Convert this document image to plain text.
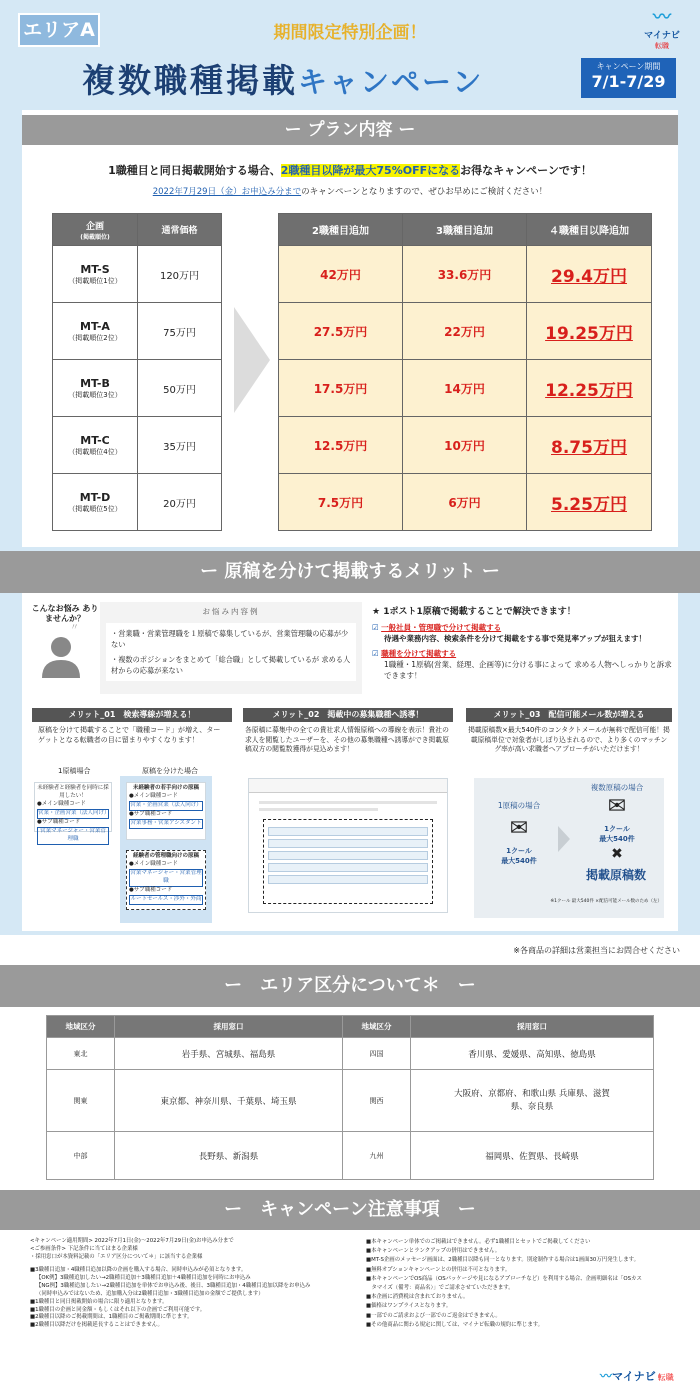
エリアA	期間限定特別企画！
〰
マイナビ
転職
複数職種掲載キャンペーン	キャンペーン期間
7/1-7/29
ー プラン内容 ー
1職種目と同日掲載開始する場合、2職種目以降が最大75%OFFになるお得なキャンペーンです！
2022年7月29日（金）お申込み分までのキャンペーンとなりますので、ぜひお早めにご検討ください！
企画
(掲載順位)	通常価格

MT-S
（掲載順位1位）	120万円

MT-A
（掲載順位2位）	75万円

MT-B
（掲載順位3位）	50万円

MT-C
（掲載順位4位）	35万円

MT-D
（掲載順位5位）	20万円
2職種目追加	3職種目追加	４職種目以降追加
42万円	33.6万円	29.4万円
27.5万円	22万円	19.25万円
17.5万円	14万円	12.25万円
12.5万円	10万円	8.75万円
7.5万円	6万円	5.25万円
ー 原稿を分けて掲載するメリット ー
こんなお悩み ありませんか？
〃
お悩み内容例
・営業職・営業管理職を１原稿で募集しているが、営業管理職の応募が少ない
・複数のポジションをまとめて「総合職」として掲載しているが 求める人材からの応募が来ない
★ 1ポスト1原稿で掲載することで解決できます！
☑ 一般社員・管理職で分けて掲載する
待遇や業務内容、検索条件を分けて掲載をする事で発見率アップが狙えます！
☑ 職種を分けて掲載する
1職種・1原稿(営業、経理、企画等)に分ける事によって 求める人物へしっかりと訴求できます！
メリット_01　検索導線が増える！
原稿を分けて掲載することで「職種コード」が増え、ターゲットとなる転職者の目に留まりやすくなります！
1原稿場合
未経験者と経験者を同時に採用したい！
●メイン職種コード
営業・企画営業（法人向け）
●サブ職種コード
営業マネージャー・営業管理職
原稿を分けた場合
未経験者の若手向けの原稿
●メイン職種コード
営業・企画営業（法人向け）
●サブ職種コード
営業事務・営業アシスタント
経験者の管理職向けの原稿
●メイン職種コード
営業マネージャー・営業管理職
●サブ職種コード
ルートセールス・渉外・外商
メリット_02　掲載中の募集職種へ誘導！
各原稿に募集中の全ての貴社求人情報原稿への導線を表示！貴社の求人を閲覧したユーザーを、その他の募集職種へ誘導ができ掲載原稿双方の閲覧数獲得が見込めます！
メリット_03　配信可能メール数が増える
掲載原稿数×最大540件のコンタクトメールが無料で配信可能！掲載原稿単位で対象者がしぼり込まれるので、より多くのマッチング率が高い求職者へアプローチがいただけます！
1原稿の場合
✉
1クール
最大540件
複数原稿の場合
✉
1クール
最大540件
✖
掲載原稿数
※1クール 最大540件 ×配信可能メール数のため（左）
※各商品の詳細は営業担当にお問合せください
ー　エリア区分について＊　ー
地域区分	採用窓口	地域区分	採用窓口
東北	岩手県、宮城県、福島県	四国	香川県、愛媛県、高知県、徳島県
関東	東京都、神奈川県、千葉県、埼玉県	関西	大阪府、京都府、和歌山県 兵庫県、滋賀県、奈良県
中部	長野県、新潟県	九州	福岡県、佐賀県、長崎県
ー　キャンペーン注意事項　ー
<キャンペーン適用期間> 2022年7月1日(金)〜2022年7月29日(金)お申込み分まで
<ご参画条件> 下記条件に当てはまる企業様
・採用窓口が本資料記載の「エリア区分について＊」に該当する企業様
■3職種目追加・4職種目追加以降の企画を購入する場合、同時申込みが必須となります。
【OK例】3職種追加したい→2職種目追加＋3職種目追加＋4職種目追加を同時にお申込み
【NG例】3職種追加したい→2職種目追加を単体でお申込み後、後日、3職種目追加・4職種目追加以降をお申込み
（同時申込みではないため、追加購入分は2職種目追加・3職種目追加の金額でご提供します）
■1職種目と同日掲載開始の場合に限り適用となります。
■1職種目の企画と同金額・もしくはそれ以下の企画でご利用可能です。
■2職種目以降のご掲載期間は、1職種目のご掲載期間に準じます。
■2職種目以降だけを掲載延長することはできません。
■本キャンペーン単体でのご掲載はできません。必ず1職種目とセットでご掲載してください
■本キャンペーンとランクアップの併用はできません。
■MT-S企画のメッセージ画面は、2職種目以降も同一となります。別途制作する場合は1画面30万円発生します。
■無料オプションキャンペーンとの併用は不可となります。
■本キャンペーンでOS商品（OSパッケージや見になるアプローチなど）を利用する場合、企画明細名は「OSカス
　タマイズ（備考：商品名）」でご請求させていただきます。
■本企画に消費税は含まれておりません。
■価格はワンプライスとなります。
■一部でのご請求および一部でのご返金はできません。
■その他商品に関わる規定に関しては、マイナビ転職の規約に準じます。
〰マイナビ 転職
